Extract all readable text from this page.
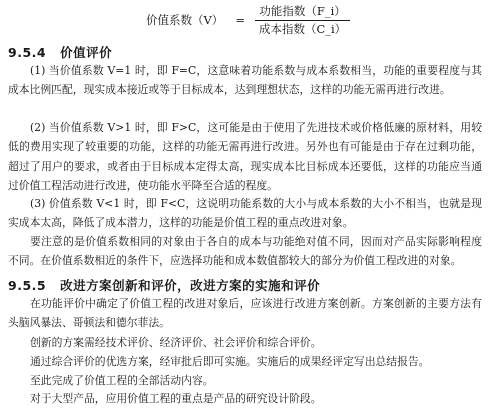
价值系数$(V) = \frac{\text{功能指数（F\_i）}}{\text{成本指数（C\_i）}}$
9.5.4 价值评价

(1) 当价值系数 V=1 时，即 F=C，这意味着功能系数与成本系数相当，功能的重要程度与其成本比例匹配，现实成本接近或等于目标成本，达到理想状态，这样的功能无需再进行改进。

(2) 当价值系数 V>1 时，即 F>C，这可能是由于使用了先进技术或价格低廉的原材料，用较低的费用实现了较重要的功能，这样的功能无需再进行改进。另外也有可能是由于存在过剩功能，超过了用户的要求，或者由于目标成本定得太高，现实成本比目标成本还要低，这样的功能应当通过价值工程活动进行改进，使功能水平降至合适的程度。

(3) 价值系数 V<1 时，即 F<C，这说明功能系数的大小与成本系数的大小不相当，也就是现实成本太高，降低了成本潜力，这样的功能是价值工程的重点改进对象。

要注意的是价值系数相同的对象由于各自的成本与功能绝对值不同，因而对产品实际影响程度不同。在价值系数相近的条件下，应选择功能和成本数值都较大的部分为价值工程改进的对象。

9.5.5 改进方案创新和评价，改进方案的实施和评价

在功能评价中确定了价值工程的改进对象后，应该进行改进方案创新。方案创新的主要方法有头脑风暴法、哥顿法和德尔菲法。

创新的方案需经技术评价、经济评价、社会评价和综合评价。

通过综合评价的优选方案，经审批后即可实施。实施后的成果经评定写出总结报告。

至此完成了价值工程的全部活动内容。

对于大型产品，应用价值工程的重点是产品的研究设计阶段。
